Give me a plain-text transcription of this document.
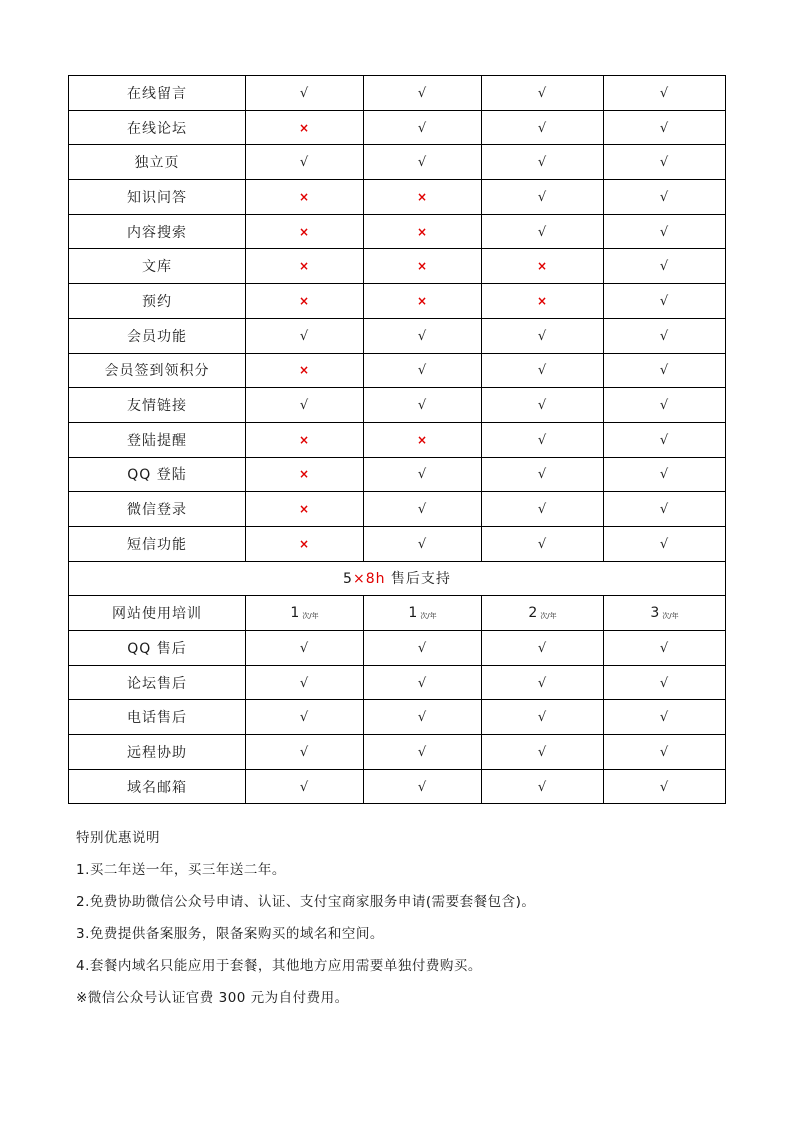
在线留言	√	√	√	√
在线论坛	×	√	√	√
独立页	√	√	√	√
知识问答	×	×	√	√
内容搜索	×	×	√	√
文库	×	×	×	√
预约	×	×	×	√
会员功能	√	√	√	√
会员签到领积分	×	√	√	√
友情链接	√	√	√	√
登陆提醒	×	×	√	√
QQ 登陆	×	√	√	√
微信登录	×	√	√	√
短信功能	×	√	√	√
5×8h 售后支持				
网站使用培训	1 次/年	1 次/年	2 次/年	3 次/年
QQ 售后	√	√	√	√
论坛售后	√	√	√	√
电话售后	√	√	√	√
远程协助	√	√	√	√
域名邮箱	√	√	√	√

特别优惠说明

1.买二年送一年，买三年送二年。

2.免费协助微信公众号申请、认证、支付宝商家服务申请(需要套餐包含)。

3.免费提供备案服务，限备案购买的域名和空间。

4.套餐内域名只能应用于套餐，其他地方应用需要单独付费购买。

※微信公众号认证官费 300 元为自付费用。
